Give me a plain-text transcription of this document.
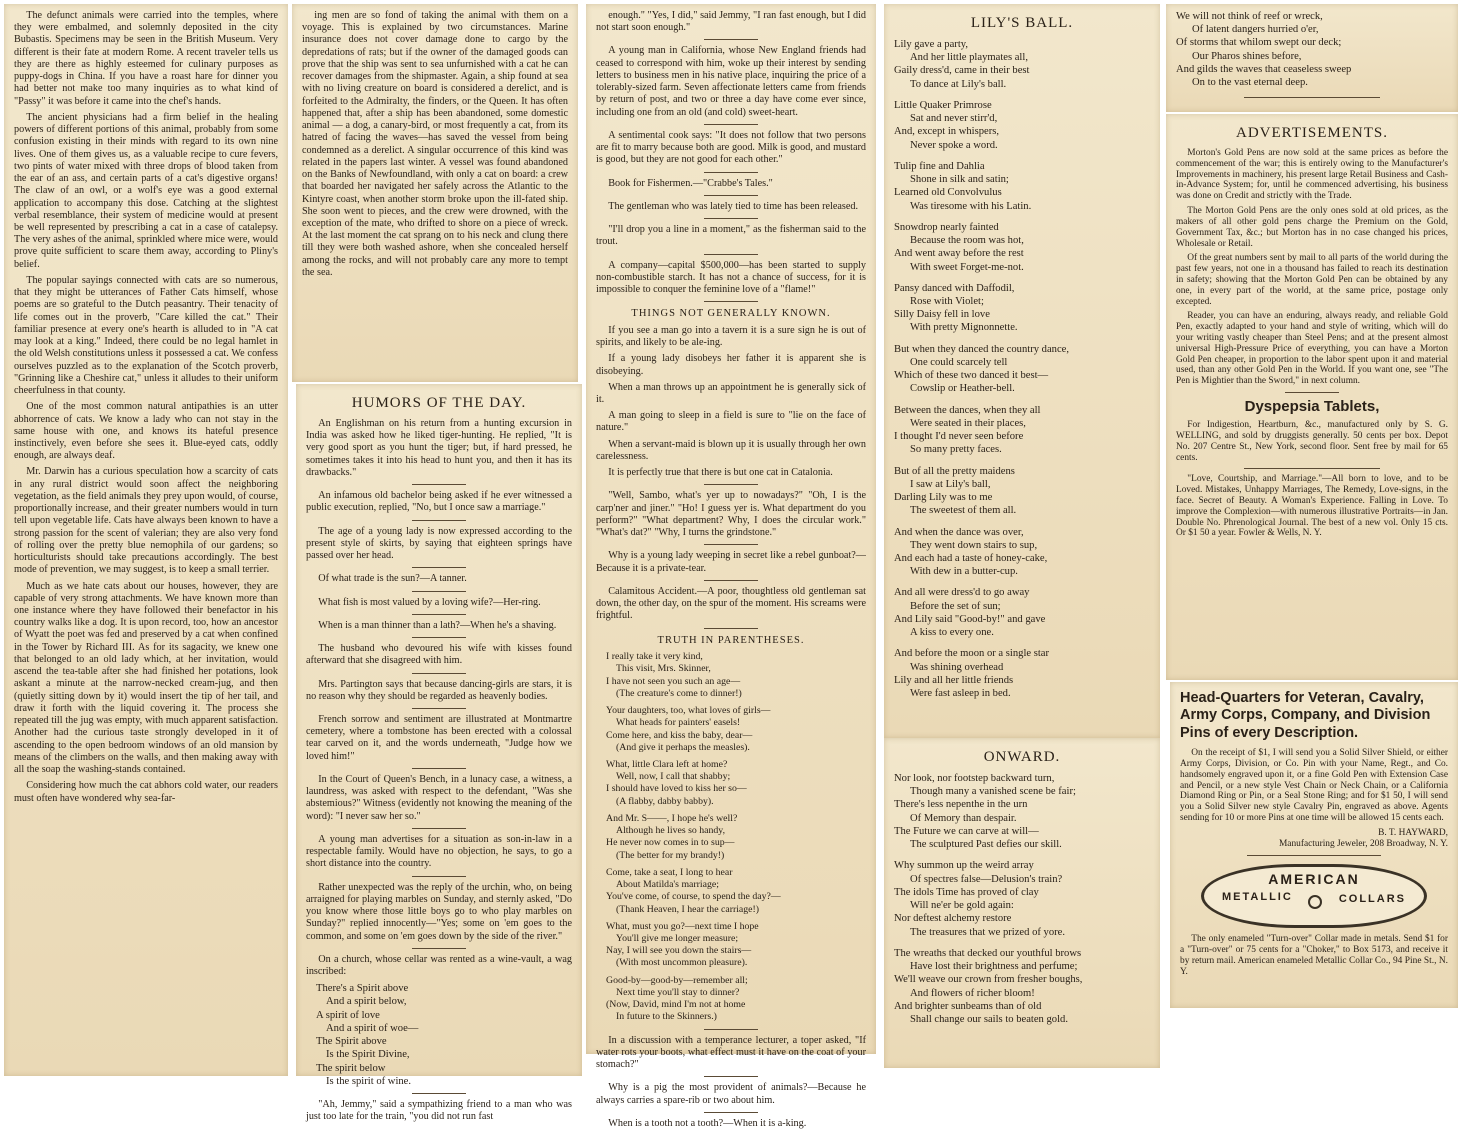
The defunct animals were carried into the temples, where they were embalmed, and solemnly deposited in the city Bubastis. Specimens may be seen in the British Museum. Very different is their fate at modern Rome. A recent traveler tells us they are there as highly esteemed for culinary purposes as puppy-dogs in China. If you have a roast hare for dinner you had better not make too many inquiries as to what kind of "Passy" it was before it came into the chef's hands.

The ancient physicians had a firm belief in the healing powers of different portions of this animal, probably from some confusion existing in their minds with regard to its own nine lives. One of them gives us, as a valuable recipe to cure fevers, two pints of water mixed with three drops of blood taken from the ear of an ass, and certain parts of a cat's digestive organs! The claw of an owl, or a wolf's eye was a good external application to accompany this dose. Catching at the slightest verbal resemblance, their system of medicine would at present be well represented by prescribing a cat in a case of catalepsy. The very ashes of the animal, sprinkled where mice were, would prove quite sufficient to scare them away, according to Pliny's belief.

The popular sayings connected with cats are so numerous, that they might be utterances of Father Cats himself, whose poems are so grateful to the Dutch peasantry. Their tenacity of life comes out in the proverb, "Care killed the cat." Their familiar presence at every one's hearth is alluded to in "A cat may look at a king." Indeed, there could be no legal hamlet in the old Welsh constitutions unless it possessed a cat. We confess ourselves puzzled as to the explanation of the Scotch proverb, "Grinning like a Cheshire cat," unless it alludes to their uniform cheerfulness in that county.

One of the most common natural antipathies is an utter abhorrence of cats. We know a lady who can not stay in the same house with one, and knows its hateful presence instinctively, even before she sees it. Blue-eyed cats, oddly enough, are always deaf.

Mr. Darwin has a curious speculation how a scarcity of cats in any rural district would soon affect the neighboring vegetation, as the field animals they prey upon would, of course, proportionally increase, and their greater numbers would in turn tell upon vegetable life. Cats have always been known to have a strong passion for the scent of valerian; they are also very fond of rolling over the pretty blue nemophila of our gardens; so horticulturists should take precautions accordingly. The best mode of prevention, we may suggest, is to keep a small terrier.

Much as we hate cats about our houses, however, they are capable of very strong attachments. We have known more than one instance where they have followed their benefactor in his country walks like a dog. It is upon record, too, how an ancestor of Wyatt the poet was fed and preserved by a cat when confined in the Tower by Richard III. As for its sagacity, we knew one that belonged to an old lady which, at her invitation, would ascend the tea-table after she had finished her potations, look askant a minute at the narrow-necked cream-jug, and then (quietly sitting down by it) would insert the tip of her tail, and draw it forth with the liquid covering it. The process she repeated till the jug was empty, with much apparent satisfaction. Another had the curious taste strongly developed in it of ascending to the open bedroom windows of an old mansion by means of the climbers on the walls, and then making away with all the soap the washing-stands contained.

Considering how much the cat abhors cold water, our readers must often have wondered why sea-far-

ing men are so fond of taking the animal with them on a voyage. This is explained by two circumstances. Marine insurance does not cover damage done to cargo by the depredations of rats; but if the owner of the damaged goods can prove that the ship was sent to sea unfurnished with a cat he can recover damages from the shipmaster. Again, a ship found at sea with no living creature on board is considered a derelict, and is forfeited to the Admiralty, the finders, or the Queen. It has often happened that, after a ship has been abandoned, some domestic animal — a dog, a canary-bird, or most frequently a cat, from its hatred of facing the waves—has saved the vessel from being condemned as a derelict. A singular occurrence of this kind was related in the papers last winter. A vessel was found abandoned on the Banks of Newfoundland, with only a cat on board: a crew that boarded her navigated her safely across the Atlantic to the Kintyre coast, when another storm broke upon the ill-fated ship. She soon went to pieces, and the crew were drowned, with the exception of the mate, who drifted to shore on a piece of wreck. At the last moment the cat sprang on to his neck and clung there till they were both washed ashore, when she concealed herself among the rocks, and will not probably care any more to tempt the sea.

HUMORS OF THE DAY.

An Englishman on his return from a hunting excursion in India was asked how he liked tiger-hunting. He replied, "It is very good sport as you hunt the tiger; but, if hard pressed, he sometimes takes it into his head to hunt you, and then it has its drawbacks."

An infamous old bachelor being asked if he ever witnessed a public execution, replied, "No, but I once saw a marriage."

The age of a young lady is now expressed according to the present style of skirts, by saying that eighteen springs have passed over her head.

Of what trade is the sun?—A tanner.

What fish is most valued by a loving wife?—Her-ring.

When is a man thinner than a lath?—When he's a shaving.

The husband who devoured his wife with kisses found afterward that she disagreed with him.

Mrs. Partington says that because dancing-girls are stars, it is no reason why they should be regarded as heavenly bodies.

French sorrow and sentiment are illustrated at Montmartre cemetery, where a tombstone has been erected with a colossal tear carved on it, and the words underneath, "Judge how we loved him!"

In the Court of Queen's Bench, in a lunacy case, a witness, a laundress, was asked with respect to the defendant, "Was she abstemious?" Witness (evidently not knowing the meaning of the word): "I never saw her so."

A young man advertises for a situation as son-in-law in a respectable family. Would have no objection, he says, to go a short distance into the country.

Rather unexpected was the reply of the urchin, who, on being arraigned for playing marbles on Sunday, and sternly asked, "Do you know where those little boys go to who play marbles on Sunday?" replied innocently—"Yes; some on 'em goes to the common, and some on 'em goes down by the side of the river."

On a church, whose cellar was rented as a wine-vault, a wag inscribed:

There's a Spirit above
And a spirit below,
A spirit of love
And a spirit of woe—
The Spirit above
Is the Spirit Divine,
The spirit below
Is the spirit of wine.

"Ah, Jemmy," said a sympathizing friend to a man who was just too late for the train, "you did not run fast

enough." "Yes, I did," said Jemmy, "I ran fast enough, but I did not start soon enough."

A young man in California, whose New England friends had ceased to correspond with him, woke up their interest by sending letters to business men in his native place, inquiring the price of a tolerably-sized farm. Seven affectionate letters came from friends by return of post, and two or three a day have come ever since, including one from an old (and cold) sweet-heart.

A sentimental cook says: "It does not follow that two persons are fit to marry because both are good. Milk is good, and mustard is good, but they are not good for each other."

Book for Fishermen.—"Crabbe's Tales."

The gentleman who was lately tied to time has been released.

"I'll drop you a line in a moment," as the fisherman said to the trout.

A company—capital $500,000—has been started to supply non-combustible starch. It has not a chance of success, for it is impossible to conquer the feminine love of a "flame!"

THINGS NOT GENERALLY KNOWN.

If you see a man go into a tavern it is a sure sign he is out of spirits, and likely to be ale-ing.

If a young lady disobeys her father it is apparent she is disobeying.

When a man throws up an appointment he is generally sick of it.

A man going to sleep in a field is sure to "lie on the face of nature."

When a servant-maid is blown up it is usually through her own carelessness.

It is perfectly true that there is but one cat in Catalonia.

"Well, Sambo, what's yer up to nowadays?" "Oh, I is the carp'ner and jiner." "Ho! I guess yer is. What department do you perform?" "What department? Why, I does the circular work." "What's dat?" "Why, I turns the grindstone."

Why is a young lady weeping in secret like a rebel gunboat?—Because it is a private-tear.

Calamitous Accident.—A poor, thoughtless old gentleman sat down, the other day, on the spur of the moment. His screams were frightful.

TRUTH IN PARENTHESES.
I really take it very kind,
This visit, Mrs. Skinner,
I have not seen you such an age—
(The creature's come to dinner!)
Your daughters, too, what loves of girls—
What heads for painters' easels!
Come here, and kiss the baby, dear—
(And give it perhaps the measles).
What, little Clara left at home?
Well, now, I call that shabby;
I should have loved to kiss her so—
(A flabby, dabby babby).
And Mr. S——, I hope he's well?
Although he lives so handy,
He never now comes in to sup—
(The better for my brandy!)
Come, take a seat, I long to hear
About Matilda's marriage;
You've come, of course, to spend the day?—
(Thank Heaven, I hear the carriage!)
What, must you go?—next time I hope
You'll give me longer measure;
Nay, I will see you down the stairs—
(With most uncommon pleasure).
Good-by—good-by—remember all;
Next time you'll stay to dinner?
(Now, David, mind I'm not at home
In future to the Skinners.)

In a discussion with a temperance lecturer, a toper asked, "If water rots your boots, what effect must it have on the coat of your stomach?"

Why is a pig the most provident of animals?—Because he always carries a spare-rib or two about him.

When is a tooth not a tooth?—When it is a-king.

LILY'S BALL.
Lily gave a party,
And her little playmates all,
Gaily dress'd, came in their best
To dance at Lily's ball.
Little Quaker Primrose
Sat and never stirr'd,
And, except in whispers,
Never spoke a word.
Tulip fine and Dahlia
Shone in silk and satin;
Learned old Convolvulus
Was tiresome with his Latin.
Snowdrop nearly fainted
Because the room was hot,
And went away before the rest
With sweet Forget-me-not.
Pansy danced with Daffodil,
Rose with Violet;
Silly Daisy fell in love
With pretty Mignonnette.
But when they danced the country dance,
One could scarcely tell
Which of these two danced it best—
Cowslip or Heather-bell.
Between the dances, when they all
Were seated in their places,
I thought I'd never seen before
So many pretty faces.
But of all the pretty maidens
I saw at Lily's ball,
Darling Lily was to me
The sweetest of them all.
And when the dance was over,
They went down stairs to sup,
And each had a taste of honey-cake,
With dew in a butter-cup.
And all were dress'd to go away
Before the set of sun;
And Lily said "Good-by!" and gave
A kiss to every one.
And before the moon or a single star
Was shining overhead
Lily and all her little friends
Were fast asleep in bed.
ONWARD.
Nor look, nor footstep backward turn,
Though many a vanished scene be fair;
There's less nepenthe in the urn
Of Memory than despair.
The Future we can carve at will—
The sculptured Past defies our skill.
Why summon up the weird array
Of spectres false—Delusion's train?
The idols Time has proved of clay
Will ne'er be gold again:
Nor deftest alchemy restore
The treasures that we prized of yore.
The wreaths that decked our youthful brows
Have lost their brightness and perfume;
We'll weave our crown from fresher boughs,
And flowers of richer bloom!
And brighter sunbeams than of old
Shall change our sails to beaten gold.
We will not think of reef or wreck,
Of latent dangers hurried o'er,
Of storms that whilom swept our deck;
Our Pharos shines before,
And gilds the waves that ceaseless sweep
On to the vast eternal deep.
ADVERTISEMENTS.

Morton's Gold Pens are now sold at the same prices as before the commencement of the war; this is entirely owing to the Manufacturer's Improvements in machinery, his present large Retail Business and Cash-in-Advance System; for, until he commenced advertising, his business was done on Credit and strictly with the Trade.

The Morton Gold Pens are the only ones sold at old prices, as the makers of all other gold pens charge the Premium on the Gold, Government Tax, &c.; but Morton has in no case changed his prices, Wholesale or Retail.

Of the great numbers sent by mail to all parts of the world during the past few years, not one in a thousand has failed to reach its destination in safety; showing that the Morton Gold Pen can be obtained by any one, in every part of the world, at the same price, postage only excepted.

Reader, you can have an enduring, always ready, and reliable Gold Pen, exactly adapted to your hand and style of writing, which will do your writing vastly cheaper than Steel Pens; and at the present almost universal High-Pressure Price of everything, you can have a Morton Gold Pen cheaper, in proportion to the labor spent upon it and material used, than any other Gold Pen in the World. If you want one, see "The Pen is Mightier than the Sword," in next column.

Dyspepsia Tablets,

For Indigestion, Heartburn, &c., manufactured only by S. G. WELLING, and sold by druggists generally. 50 cents per box. Depot No. 207 Centre St., New York, second floor. Sent free by mail for 65 cents.

"Love, Courtship, and Marriage."—All born to love, and to be Loved. Mistakes, Unhappy Marriages, The Remedy, Love-signs, in the face. Secret of Beauty. A Woman's Experience. Falling in Love. To improve the Complexion—with numerous illustrative Portraits—in Jan. Double No. Phrenological Journal. The best of a new vol. Only 15 cts. Or $1 50 a year. Fowler & Wells, N. Y.

Head-Quarters for Veteran, Cavalry, Army Corps, Company, and Division Pins of every Description.

On the receipt of $1, I will send you a Solid Silver Shield, or either Army Corps, Division, or Co. Pin with your Name, Regt., and Co. handsomely engraved upon it, or a fine Gold Pen with Extension Case and Pencil, or a new style Vest Chain or Neck Chain, or a California Diamond Ring or Pin, or a Seal Stone Ring; and for $1 50, I will send you a Solid Silver new style Cavalry Pin, engraved as above. Agents sending for 10 or more Pins at one time will be allowed 15 cents each.

B. T. HAYWARD,
Manufacturing Jeweler, 208 Broadway, N. Y.
AMERICAN
METALLIC	COLLARS

The only enameled "Turn-over" Collar made in metals. Send $1 for a "Turn-over" or 75 cents for a "Choker," to Box 5173, and receive it by return mail. American enameled Metallic Collar Co., 94 Pine St., N. Y.
